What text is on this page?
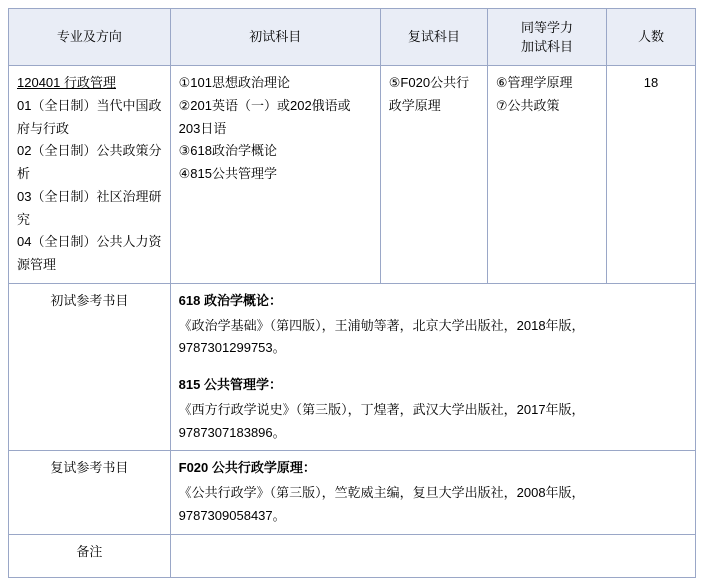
专业及方向	初试科目	复试科目	同等学力
加试科目	人数

120401 行政管理
01（全日制）当代中国政府与行政
02（全日制）公共政策分析
03（全日制）社区治理研究
04（全日制）公共人力资源管理	①101思想政治理论
②201英语（一）或202俄语或203日语
③618政治学概论
④815公共管理学	⑤F020公共行政学原理	⑥管理学原理
⑦公共政策	18
初试参考书目	618 政治学概论：
《政治学基础》（第四版），王浦劬等著，北京大学出版社，2018年版，9787301299753。
815 公共管理学：
《西方行政学说史》（第三版），丁煌著，武汉大学出版社，2017年版，9787307183896。			

复试参考书目	F020 公共行政学原理：
《公共行政学》（第三版），竺乾威主编，复旦大学出版社，2008年版，9787309058437。			

备注				
